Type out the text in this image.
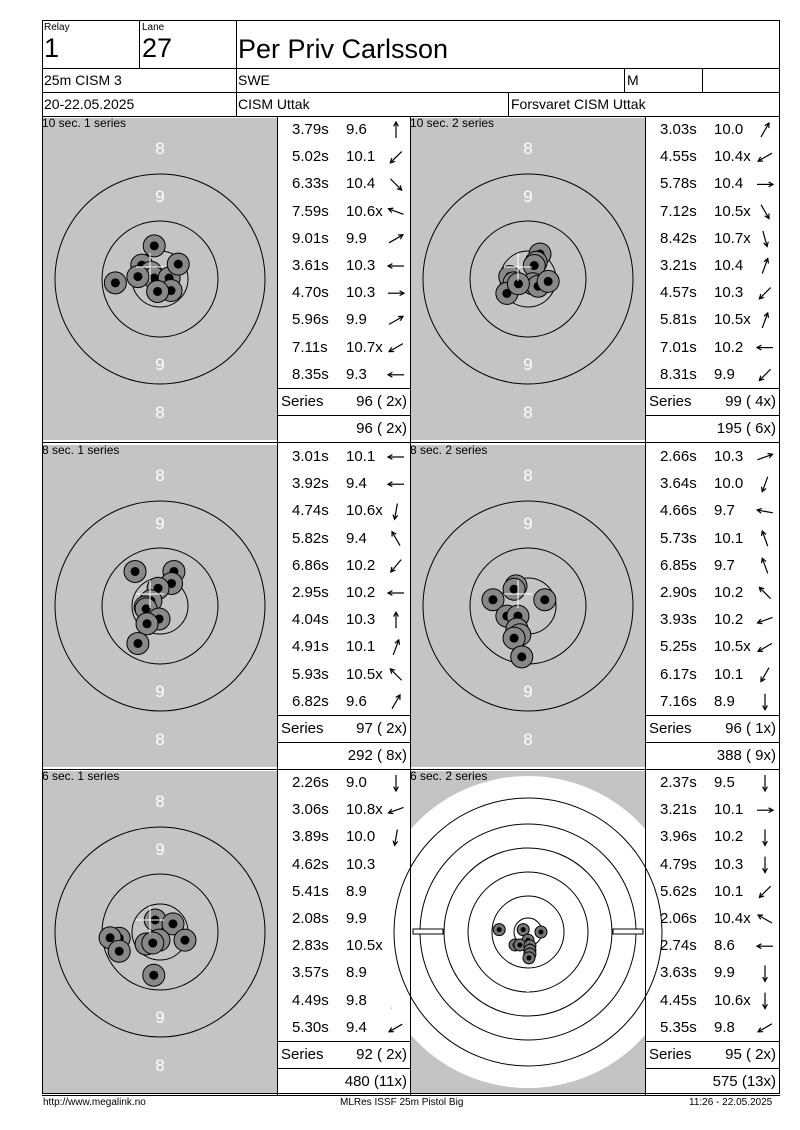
8
9
9
8
8
9
9
8
8
9
9
8
8
9
9
8
8
9
9
8
5
5
6
6
7
7
8
8
9
9
Relay
1
Lane
27 Per Priv Carlsson
25m CISM 3	SWE	M
20-22.05.2025	CISM Uttak	Forsvaret CISM Uttak
10 sec. 1 series	3.79s 9.6
5.02s 10.1
6.33s 10.4
7.59s 10.6x
9.01s 9.9
3.61s 10.3
4.70s 10.3
5.96s 9.9
7.11s 10.7x
8.35s 9.3
Series 96 ( 2x)
96 ( 2x)
10 sec. 2 series	3.03s 10.0
4.55s 10.4x
5.78s 10.4
7.12s 10.5x
8.42s 10.7x
3.21s 10.4
4.57s 10.3
5.81s 10.5x
7.01s 10.2
8.31s 9.9
Series 99 ( 4x)
195 ( 6x)
8 sec. 1 series	3.01s 10.1
3.92s 9.4
4.74s 10.6x
5.82s 9.4
6.86s 10.2
2.95s 10.2
4.04s 10.3
4.91s 10.1
5.93s 10.5x
6.82s 9.6
Series 97 ( 2x)
292 ( 8x)
8 sec. 2 series	2.66s 10.3
3.64s 10.0
4.66s 9.7
5.73s 10.1
6.85s 9.7
2.90s 10.2
3.93s 10.2
5.25s 10.5x
6.17s 10.1
7.16s 8.9
Series 96 ( 1x)
388 ( 9x)
6 sec. 1 series	2.26s 9.0
3.06s 10.8x
3.89s 10.0
4.62s 10.3
5.41s 8.9
2.08s 9.9
2.83s 10.5x
3.57s 8.9
4.49s 9.8
5.30s 9.4
Series 92 ( 2x)
480 (11x)
6 sec. 2 series	2.37s 9.5
3.21s 10.1
3.96s 10.2
4.79s 10.3
5.62s 10.1
2.06s 10.4x
2.74s 8.6
3.63s 9.9
4.45s 10.6x
5.35s 9.8
Series 95 ( 2x)
575 (13x)
http://www.megalink.no	MLRes ISSF 25m Pistol Big	11:26 - 22.05.2025
